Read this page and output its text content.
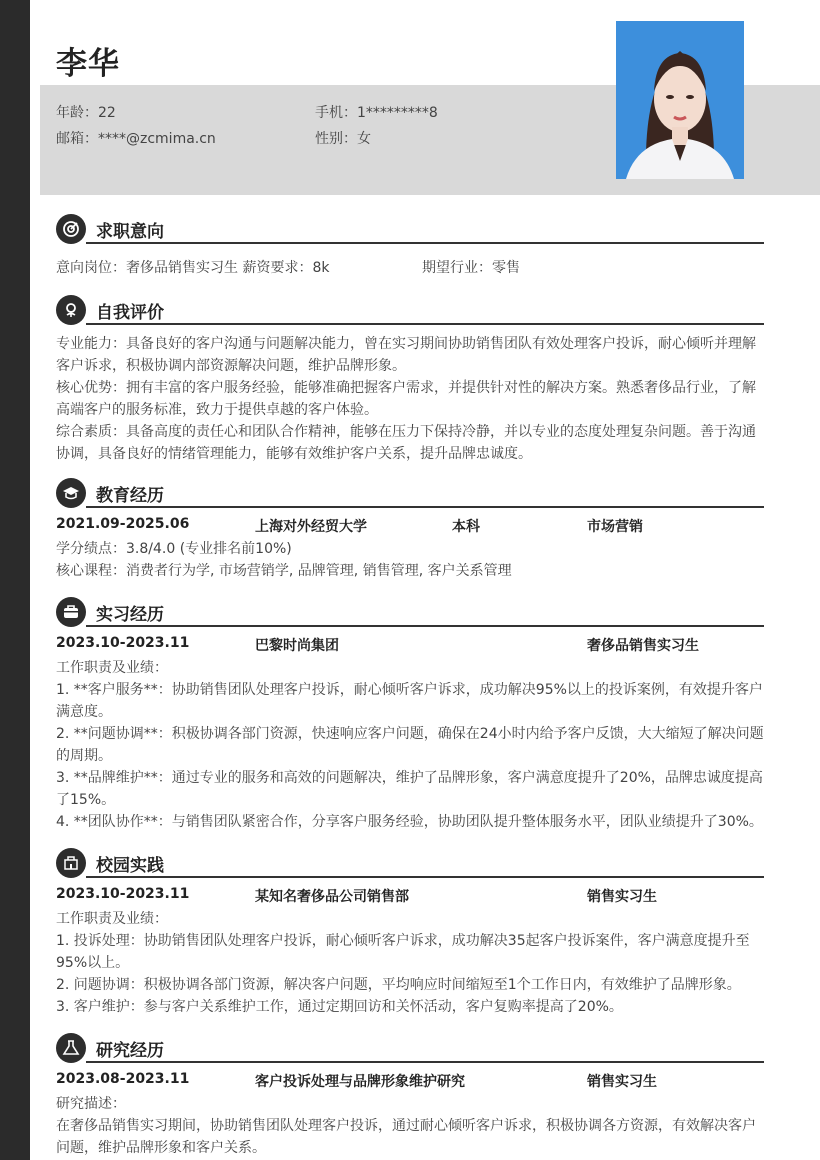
李华
年龄：22	手机：1*********8
邮箱：****@zcmima.cn	性别：女
求职意向
意向岗位：奢侈品销售实习生 薪资要求：8k	期望行业：零售
自我评价
专业能力：具备良好的客户沟通与问题解决能力，曾在实习期间协助销售团队有效处理客户投诉，耐心倾听并理解客户诉求，积极协调内部资源解决问题，维护品牌形象。
核心优势：拥有丰富的客户服务经验，能够准确把握客户需求，并提供针对性的解决方案。熟悉奢侈品行业，了解高端客户的服务标准，致力于提供卓越的客户体验。
综合素质：具备高度的责任心和团队合作精神，能够在压力下保持冷静，并以专业的态度处理复杂问题。善于沟通协调，具备良好的情绪管理能力，能够有效维护客户关系，提升品牌忠诚度。
教育经历
2021.09-2025.06	上海对外经贸大学	本科	市场营销
学分绩点：3.8/4.0 (专业排名前10%)
核心课程：消费者行为学, 市场营销学, 品牌管理, 销售管理, 客户关系管理
实习经历
2023.10-2023.11	巴黎时尚集团	奢侈品销售实习生
工作职责及业绩：
1. **客户服务**：协助销售团队处理客户投诉，耐心倾听客户诉求，成功解决95%以上的投诉案例，有效提升客户满意度。
2. **问题协调**：积极协调各部门资源，快速响应客户问题，确保在24小时内给予客户反馈，大大缩短了解决问题的周期。
3. **品牌维护**：通过专业的服务和高效的问题解决，维护了品牌形象，客户满意度提升了20%，品牌忠诚度提高了15%。
4. **团队协作**：与销售团队紧密合作，分享客户服务经验，协助团队提升整体服务水平，团队业绩提升了30%。
校园实践
2023.10-2023.11	某知名奢侈品公司销售部	销售实习生
工作职责及业绩：
1. 投诉处理：协助销售团队处理客户投诉，耐心倾听客户诉求，成功解决35起客户投诉案件，客户满意度提升至95%以上。
2. 问题协调：积极协调各部门资源，解决客户问题，平均响应时间缩短至1个工作日内，有效维护了品牌形象。
3. 客户维护：参与客户关系维护工作，通过定期回访和关怀活动，客户复购率提高了20%。
研究经历
2023.08-2023.11	客户投诉处理与品牌形象维护研究	销售实习生
研究描述：
在奢侈品销售实习期间，协助销售团队处理客户投诉，通过耐心倾听客户诉求，积极协调各方资源，有效解决客户问题，维护品牌形象和客户关系。
